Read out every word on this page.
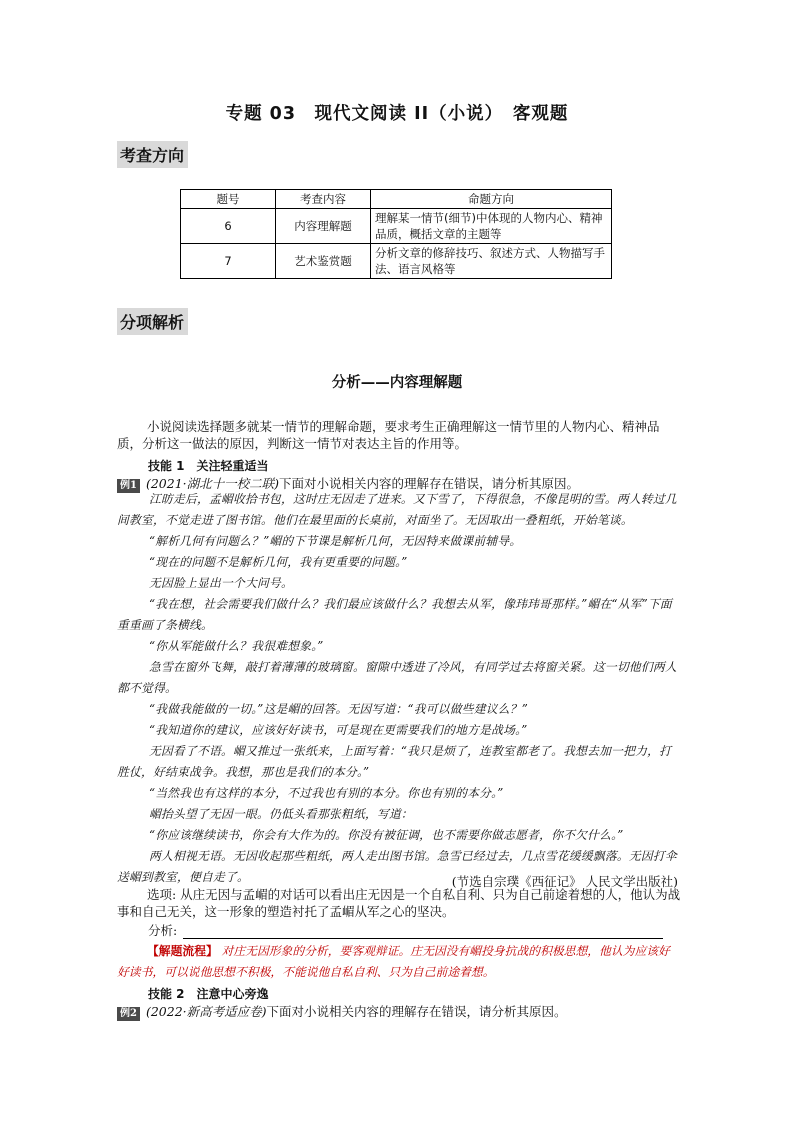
专题 03　现代文阅读 II（小说）　客观题
考查方向
题号	考查内容	命题方向
6	内容理解题	理解某一情节(细节)中体现的人物内心、精神品质，概括文章的主题等
7	艺术鉴赏题	分析文章的修辞技巧、叙述方式、人物描写手法、语言风格等
分项解析
分析——内容理解题
小说阅读选择题多就某一情节的理解命题，要求考生正确理解这一情节里的人物内心、精神品质，分析这一做法的原因，判断这一情节对表达主旨的作用等。
技能 1　关注轻重适当
例1 (2021·湖北十一校二联)下面对小说相关内容的理解存在错误，请分析其原因。

江昉走后，孟嵋收拾书包，这时庄无因走了进来。又下雪了，下得很急，不像昆明的雪。两人转过几间教室，不觉走进了图书馆。他们在最里面的长桌前，对面坐了。无因取出一叠粗纸，开始笔谈。

“解析几何有问题么？”嵋的下节课是解析几何，无因特来做课前辅导。

“现在的问题不是解析几何，我有更重要的问题。”

无因脸上显出一个大问号。

“我在想，社会需要我们做什么？我们最应该做什么？我想去从军，像玮玮哥那样。”嵋在“从军”下面重重画了条横线。

“你从军能做什么？我很难想象。”

急雪在窗外飞舞，敲打着薄薄的玻璃窗。窗隙中透进了冷风，有同学过去将窗关紧。这一切他们两人都不觉得。

“我做我能做的一切。”这是嵋的回答。无因写道：“我可以做些建议么？”

“我知道你的建议，应该好好读书，可是现在更需要我们的地方是战场。”

无因看了不语。嵋又推过一张纸来，上面写着：“我只是烦了，连教室都老了。我想去加一把力，打胜仗，好结束战争。我想，那也是我们的本分。”

“当然我也有这样的本分，不过我也有别的本分。你也有别的本分。”

嵋抬头望了无因一眼。仍低头看那张粗纸，写道：

“你应该继续读书，你会有大作为的。你没有被征调，也不需要你做志愿者，你不欠什么。”

两人相视无语。无因收起那些粗纸，两人走出图书馆。急雪已经过去，几点雪花缓缓飘落。无因打伞送嵋到教室，便自走了。	(节选自宗璞《西征记》 人民文学出版社)
选项: 从庄无因与孟嵋的对话可以看出庄无因是一个自私自利、只为自己前途着想的人，他认为战事和自己无关，这一形象的塑造衬托了孟嵋从军之心的坚决。
分析:
【解题流程】 对庄无因形象的分析，要客观辩证。庄无因没有嵋投身抗战的积极思想，他认为应该好好读书，可以说他思想不积极，不能说他自私自利、只为自己前途着想。
技能 2　注意中心旁逸
例2 (2022·新高考适应卷)下面对小说相关内容的理解存在错误，请分析其原因。
